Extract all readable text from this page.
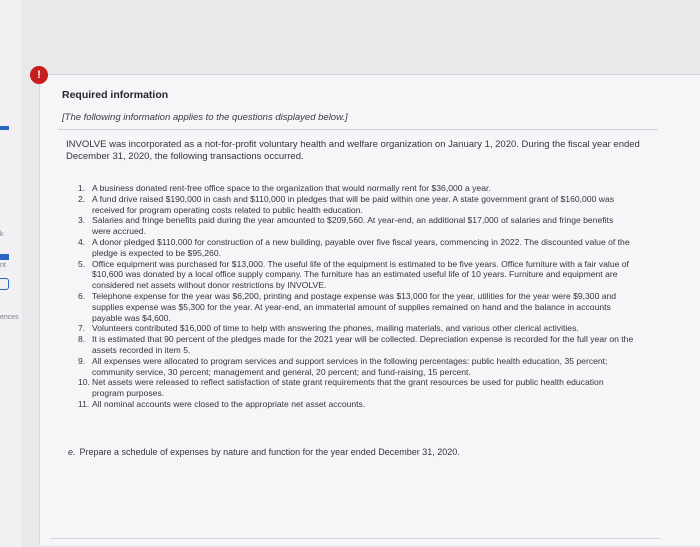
k
nt
ences

Required information

[The following information applies to the questions displayed below.]

INVOLVE was incorporated as a not-for-profit voluntary health and welfare organization on January 1, 2020. During the fiscal year ended December 31, 2020, the following transactions occurred.

1. A business donated rent-free office space to the organization that would normally rent for $36,000 a year.
2. A fund drive raised $190,000 in cash and $110,000 in pledges that will be paid within one year. A state government grant of $160,000 was received for program operating costs related to public health education.
3. Salaries and fringe benefits paid during the year amounted to $209,560. At year-end, an additional $17,000 of salaries and fringe benefits were accrued.
4. A donor pledged $110,000 for construction of a new building, payable over five fiscal years, commencing in 2022. The discounted value of the pledge is expected to be $95,260.
5. Office equipment was purchased for $13,000. The useful life of the equipment is estimated to be five years. Office furniture with a fair value of $10,600 was donated by a local office supply company. The furniture has an estimated useful life of 10 years. Furniture and equipment are considered net assets without donor restrictions by INVOLVE.
6. Telephone expense for the year was $6,200, printing and postage expense was $13,000 for the year, utilities for the year were $9,300 and supplies expense was $5,300 for the year. At year-end, an immaterial amount of supplies remained on hand and the balance in accounts payable was $4,600.
7. Volunteers contributed $16,000 of time to help with answering the phones, mailing materials, and various other clerical activities.
8. It is estimated that 90 percent of the pledges made for the 2021 year will be collected. Depreciation expense is recorded for the full year on the assets recorded in item 5.
9. All expenses were allocated to program services and support services in the following percentages: public health education, 35 percent; community service, 30 percent; management and general, 20 percent; and fund-raising, 15 percent.
10. Net assets were released to reflect satisfaction of state grant requirements that the grant resources be used for public health education program purposes.
11. All nominal accounts were closed to the appropriate net asset accounts.

e. Prepare a schedule of expenses by nature and function for the year ended December 31, 2020.

!
